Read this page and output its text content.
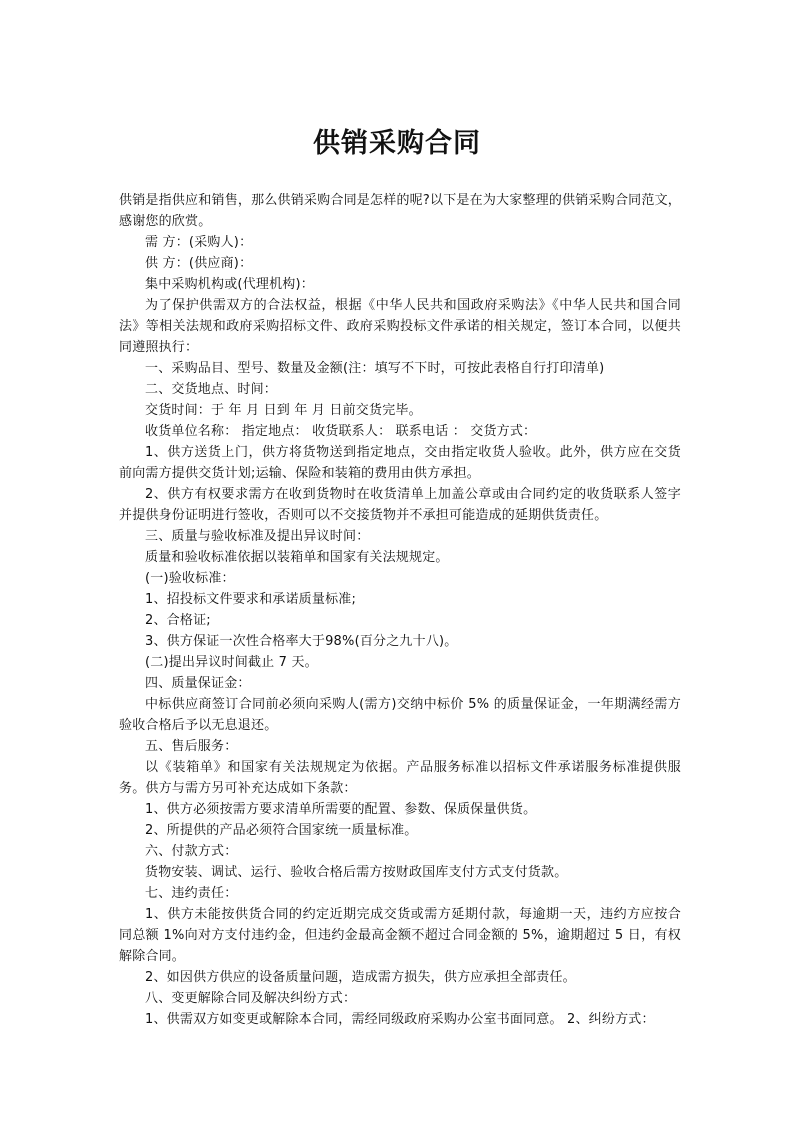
供销采购合同

供销是指供应和销售，那么供销采购合同是怎样的呢?以下是在为大家整理的供销采购合同范文，感谢您的欣赏。

需 方：(采购人)：

供 方：(供应商)：

集中采购机构或(代理机构)：

为了保护供需双方的合法权益，根据《中华人民共和国政府采购法》《中华人民共和国合同法》等相关法规和政府采购招标文件、政府采购投标文件承诺的相关规定，签订本合同，以便共同遵照执行：

一、采购品目、型号、数量及金额(注：填写不下时，可按此表格自行打印清单)

二、交货地点、时间：

交货时间：于 年 月 日到 年 月 日前交货完毕。

收货单位名称： 指定地点： 收货联系人： 联系电话 ： 交货方式：

1、供方送货上门，供方将货物送到指定地点，交由指定收货人验收。此外，供方应在交货前向需方提供交货计划;运输、保险和装箱的费用由供方承担。

2、供方有权要求需方在收到货物时在收货清单上加盖公章或由合同约定的收货联系人签字并提供身份证明进行签收，否则可以不交接货物并不承担可能造成的延期供货责任。

三、质量与验收标准及提出异议时间：

质量和验收标准依据以装箱单和国家有关法规规定。

(一)验收标准：

1、招投标文件要求和承诺质量标准;

2、合格证;

3、供方保证一次性合格率大于98%(百分之九十八)。

(二)提出异议时间截止 7 天。

四、质量保证金：

中标供应商签订合同前必须向采购人(需方)交纳中标价 5% 的质量保证金，一年期满经需方验收合格后予以无息退还。

五、售后服务：

以《装箱单》和国家有关法规规定为依据。产品服务标准以招标文件承诺服务标准提供服务。供方与需方另可补充达成如下条款：

1、供方必须按需方要求清单所需要的配置、参数、保质保量供货。

2、所提供的产品必须符合国家统一质量标准。

六、付款方式：

货物安装、调试、运行、验收合格后需方按财政国库支付方式支付货款。

七、违约责任：

1、供方未能按供货合同的约定近期完成交货或需方延期付款，每逾期一天，违约方应按合同总额 1%向对方支付违约金，但违约金最高金额不超过合同金额的 5%，逾期超过 5 日，有权解除合同。

2、如因供方供应的设备质量问题，造成需方损失，供方应承担全部责任。

八、变更解除合同及解决纠纷方式：

1、供需双方如变更或解除本合同，需经同级政府采购办公室书面同意。 2、纠纷方式：
